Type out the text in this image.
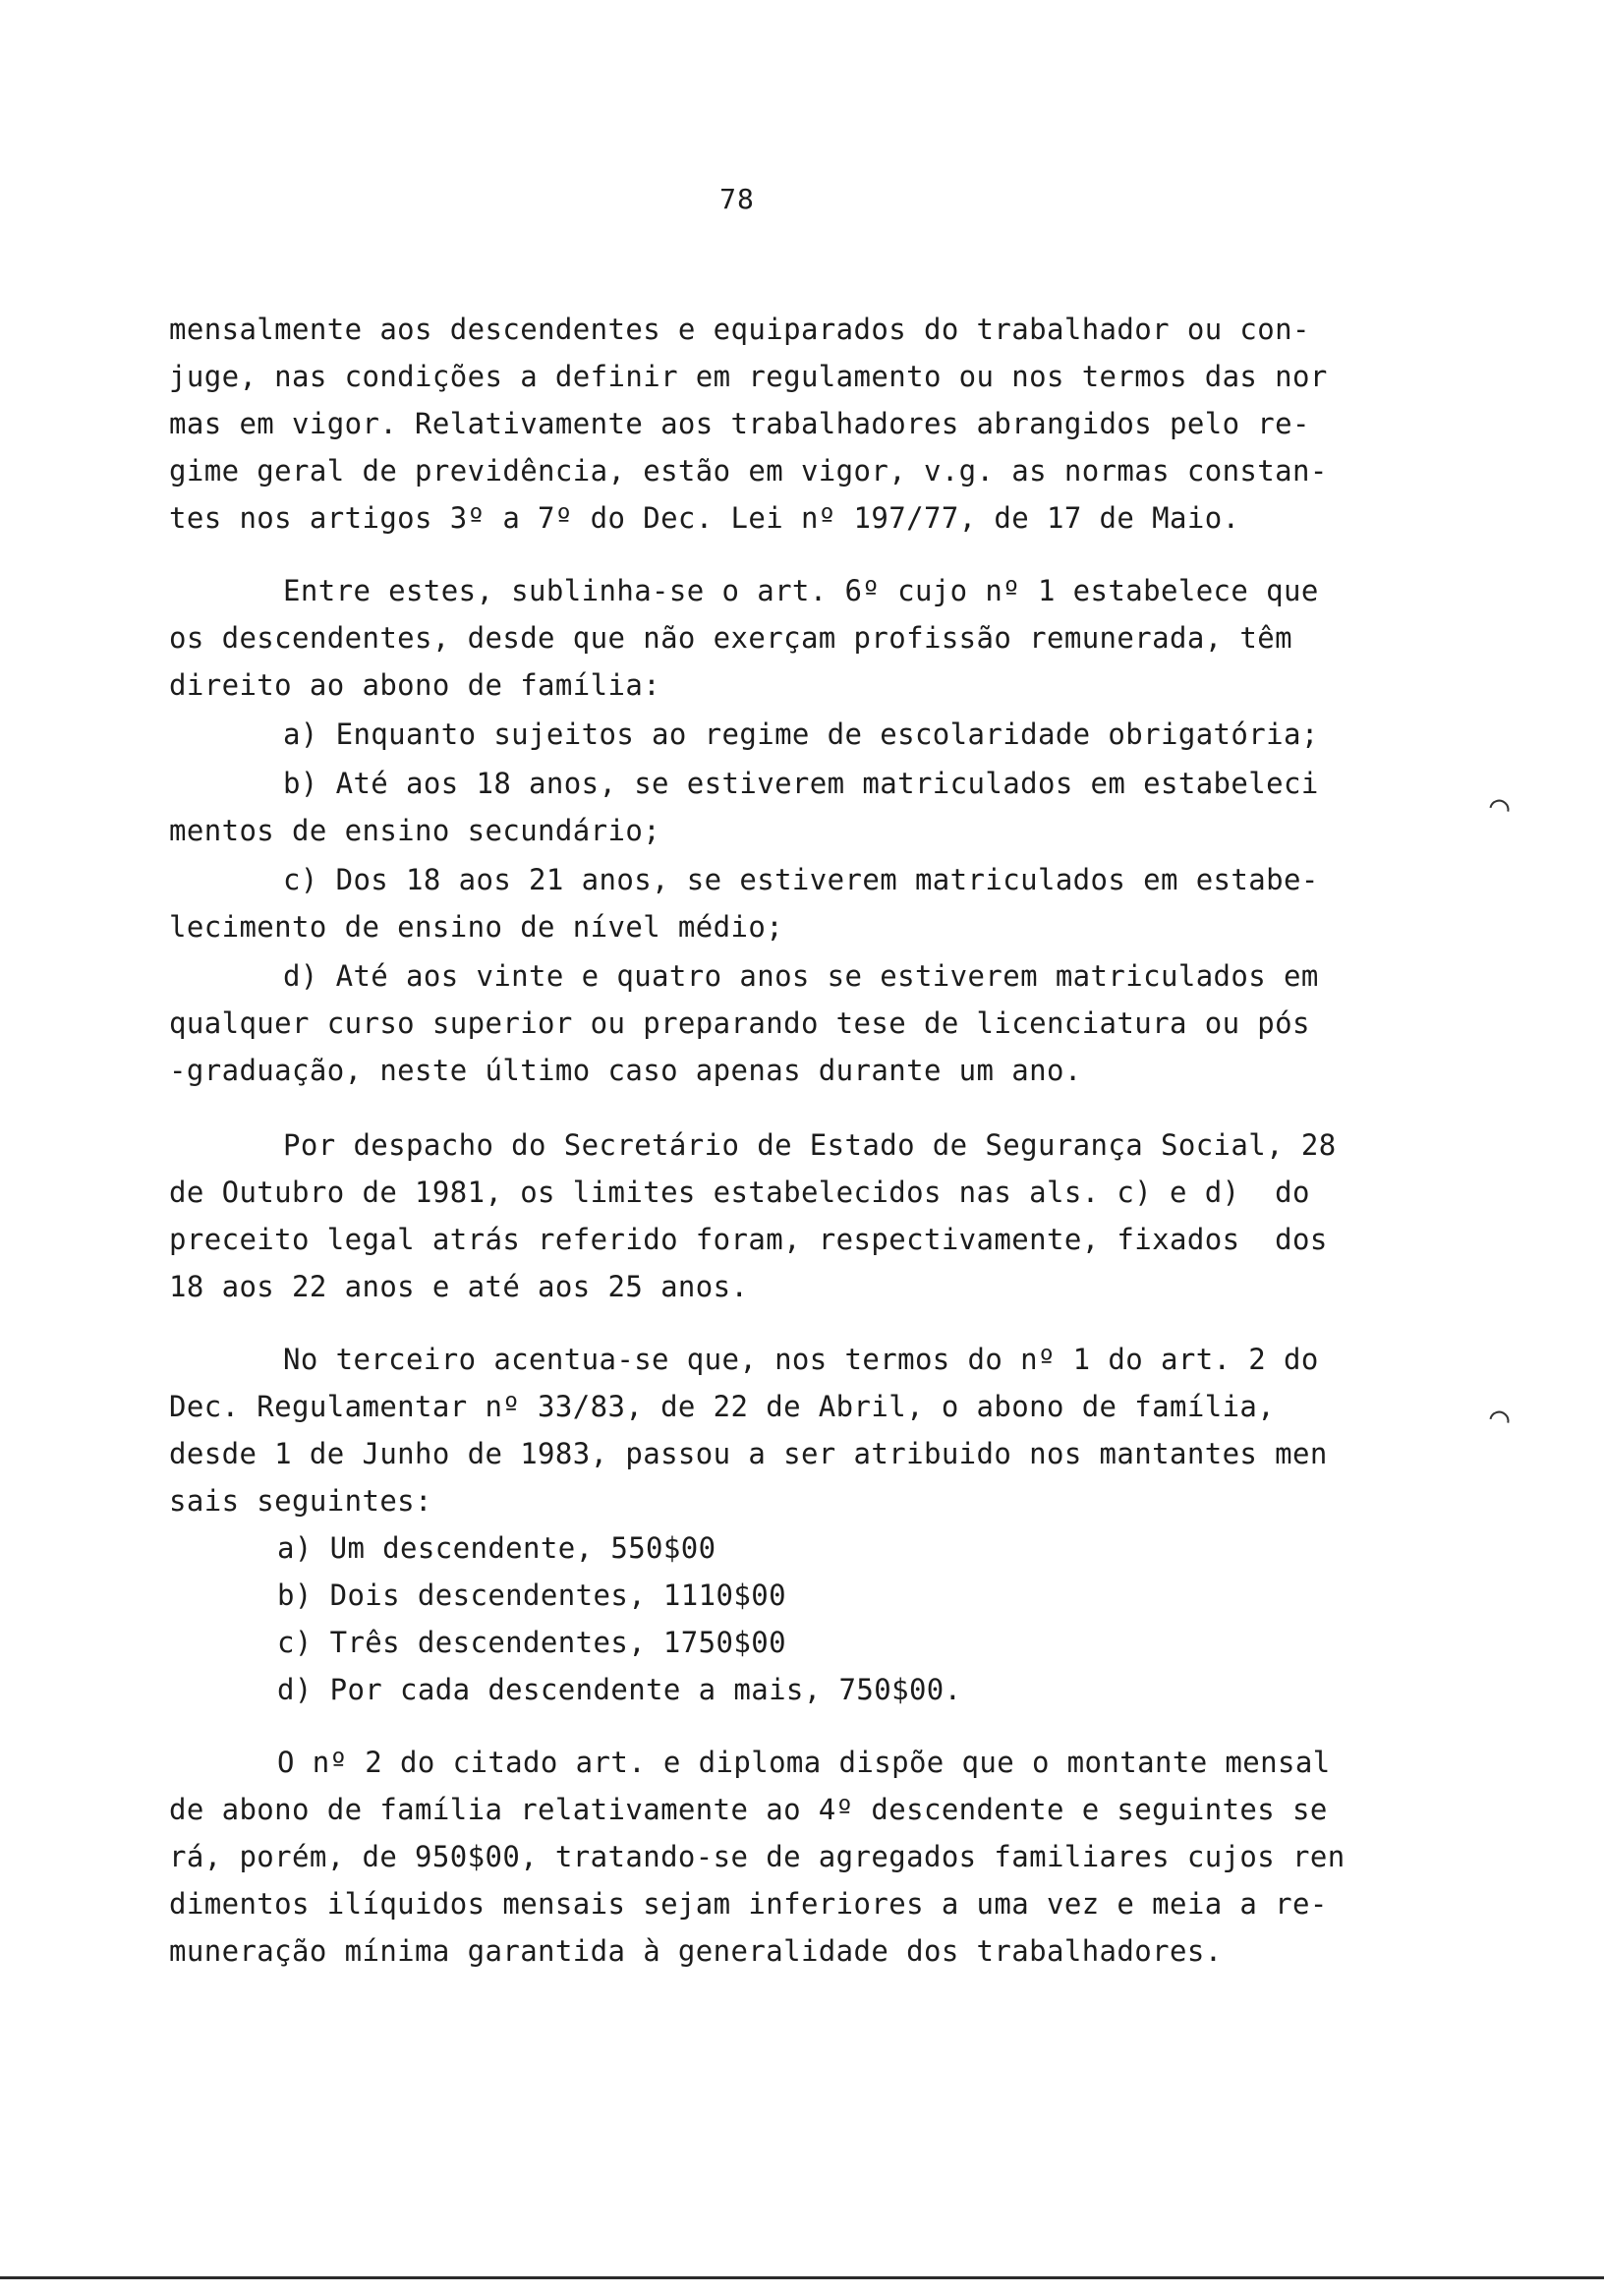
78
mensalmente aos descendentes e equiparados do trabalhador ou con-
juge, nas condições a definir em regulamento ou nos termos das nor
mas em vigor. Relativamente aos trabalhadores abrangidos pelo re-
gime geral de previdência, estão em vigor, v.g. as normas constan-
tes nos artigos 3º a 7º do Dec. Lei nº 197/77, de 17 de Maio.
Entre estes, sublinha-se o art. 6º cujo nº 1 estabelece que
os descendentes, desde que não exerçam profissão remunerada, têm
direito ao abono de família:
a) Enquanto sujeitos ao regime de escolaridade obrigatória;
b) Até aos 18 anos, se estiverem matriculados em estabeleci
mentos de ensino secundário;
c) Dos 18 aos 21 anos, se estiverem matriculados em estabe-
lecimento de ensino de nível médio;
d) Até aos vinte e quatro anos se estiverem matriculados em
qualquer curso superior ou preparando tese de licenciatura ou pós
-graduação, neste último caso apenas durante um ano.
Por despacho do Secretário de Estado de Segurança Social, 28
de Outubro de 1981, os limites estabelecidos nas als. c) e d)  do
preceito legal atrás referido foram, respectivamente, fixados  dos
18 aos 22 anos e até aos 25 anos.
No terceiro acentua-se que, nos termos do nº 1 do art. 2 do
Dec. Regulamentar nº 33/83, de 22 de Abril, o abono de família,
desde 1 de Junho de 1983, passou a ser atribuido nos mantantes men
sais seguintes:
a) Um descendente, 550$00
b) Dois descendentes, 1110$00
c) Três descendentes, 1750$00
d) Por cada descendente a mais, 750$00.
O nº 2 do citado art. e diploma dispõe que o montante mensal
de abono de família relativamente ao 4º descendente e seguintes se
rá, porém, de 950$00, tratando-se de agregados familiares cujos ren
dimentos ilíquidos mensais sejam inferiores a uma vez e meia a re-
muneração mínima garantida à generalidade dos trabalhadores.
⌒
⌒
